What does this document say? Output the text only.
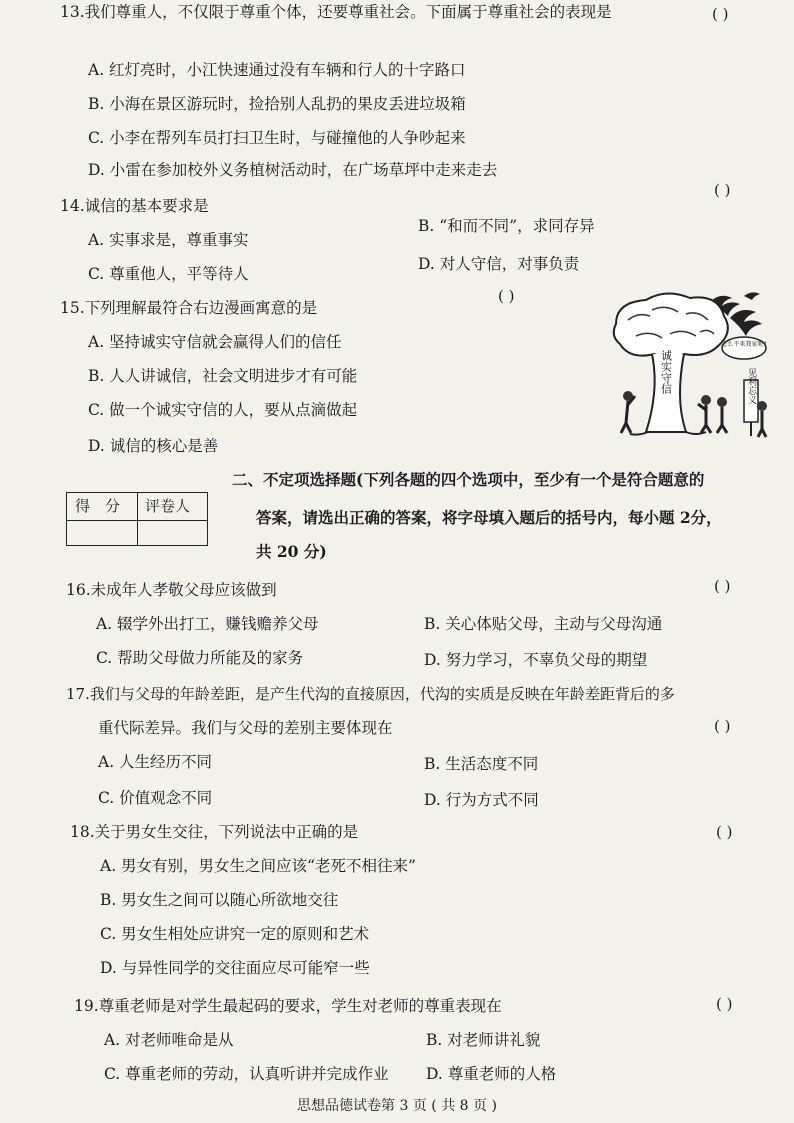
13.我们尊重人，不仅限于尊重个体，还要尊重社会。下面属于尊重社会的表现是	( )
A. 红灯亮时，小江快速通过没有车辆和行人的十字路口
B. 小海在景区游玩时，捡拾别人乱扔的果皮丢进垃圾箱
C. 小李在帮列车员打扫卫生时，与碰撞他的人争吵起来
D. 小雷在参加校外义务植树活动时，在广场草坪中走来走去
14.诚信的基本要求是
( )
A. 实事求是，尊重事实
B. “和而不同”，求同存异
C. 尊重他人，平等待人
D. 对人守信，对事负责
15.下列理解最符合右边漫画寓意的是
( )
A. 坚持诚实守信就会赢得人们的信任
B. 人人讲诚信，社会文明进步才有可能
C. 做一个诚实守信的人，要从点滴做起
D. 诚信的核心是善
诚实守信
怎么不来我家呢?
见利忘义
二、不定项选择题(下列各题的四个选项中，至少有一个是符合题意的
答案，请选出正确的答案，将字母填入题后的括号内，每小题 2分，
共 20 分)
得　分 评卷人
16.未成年人孝敬父母应该做到	( )
A. 辍学外出打工，赚钱赡养父母	B. 关心体贴父母，主动与父母沟通
C. 帮助父母做力所能及的家务	D. 努力学习，不辜负父母的期望
17.我们与父母的年龄差距，是产生代沟的直接原因，代沟的实质是反映在年龄差距背后的多
重代际差异。我们与父母的差别主要体现在	( )
A. 人生经历不同	B. 生活态度不同
C. 价值观念不同	D. 行为方式不同
18.关于男女生交往，下列说法中正确的是	( )
A. 男女有别，男女生之间应该“老死不相往来”
B. 男女生之间可以随心所欲地交往
C. 男女生相处应讲究一定的原则和艺术
D. 与异性同学的交往面应尽可能窄一些
19.尊重老师是对学生最起码的要求，学生对老师的尊重表现在	( )
A. 对老师唯命是从	B. 对老师讲礼貌
C. 尊重老师的劳动，认真听讲并完成作业 D. 尊重老师的人格
思想品德试卷第 3 页 ( 共 8 页 )
